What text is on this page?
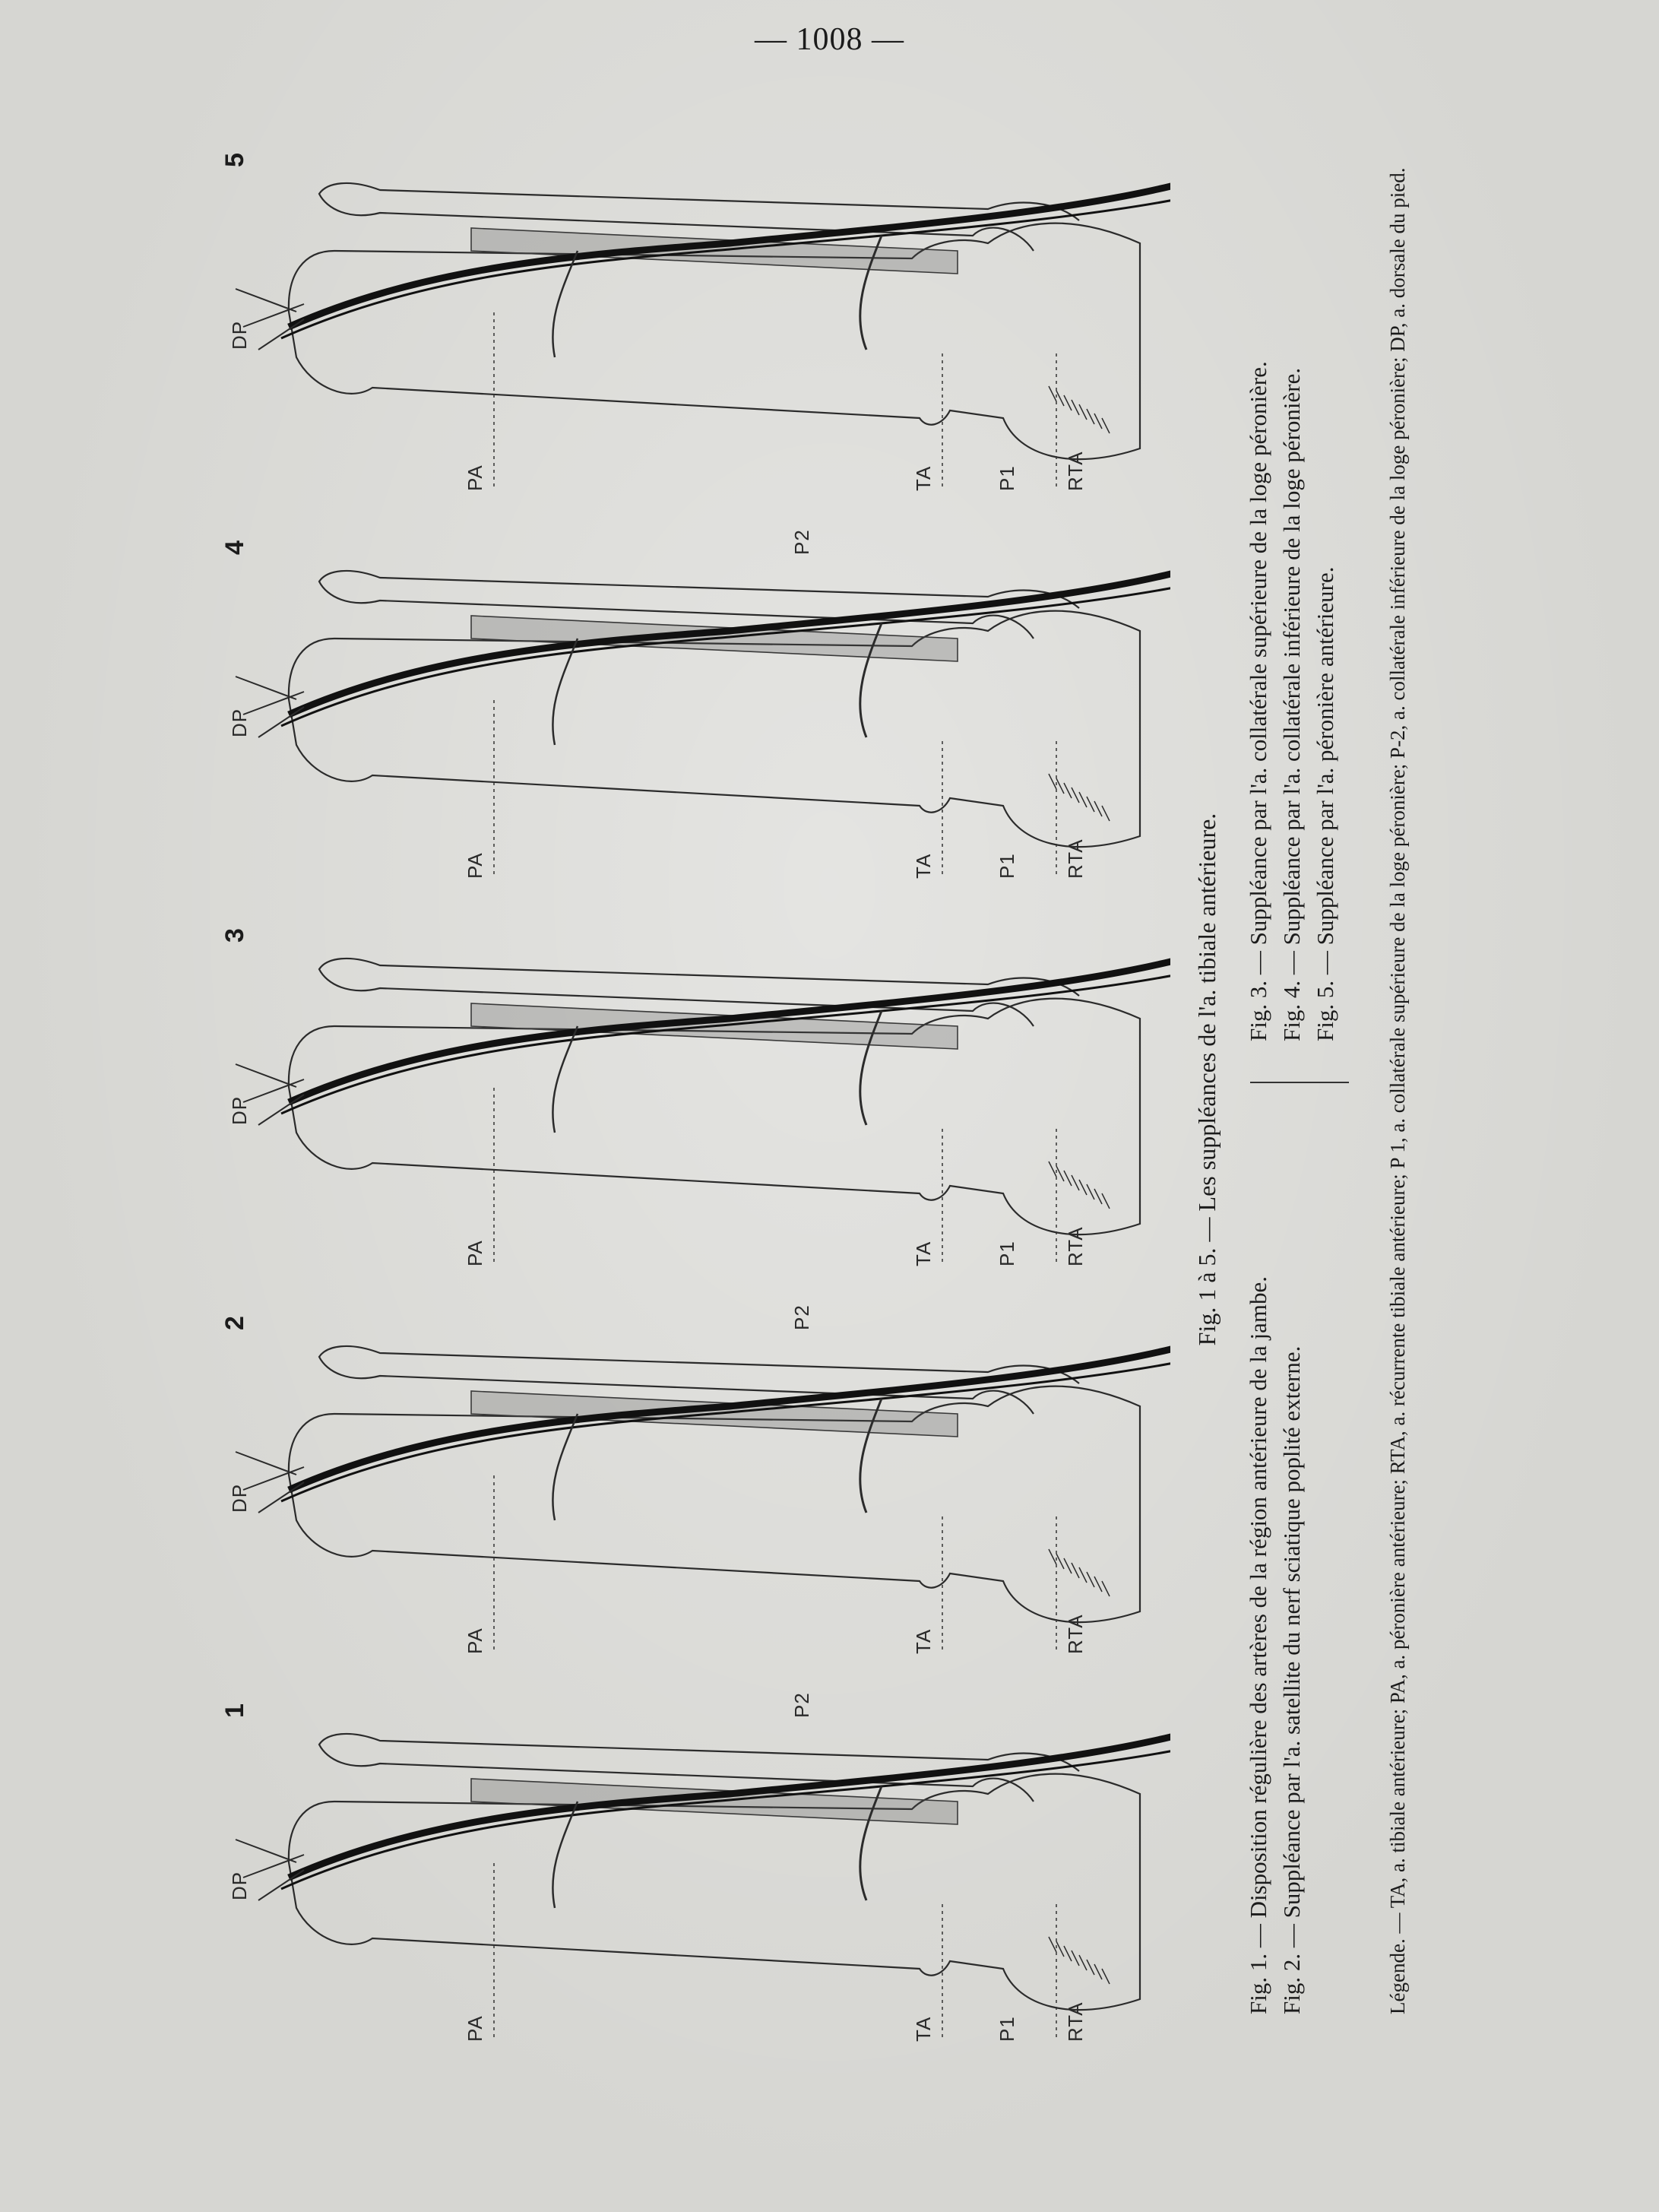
— 1008 —
RTA
P1
TA
PA
DP
P2
1
RTA
TA
PA
DP
P2
2
RTA
P1
TA
PA
DP
3
RTA
P1
TA
PA
DP
P2
4
RTA
P1
TA
PA
DP
5
Fig. 1 à 5. — Les suppléances de l'a. tibiale antérieure.

Fig. 1. — Disposition régulière des artères de la région antérieure de la jambe. Fig. 2. — Suppléance par l'a. satellite du nerf sciatique poplité externe.

Fig. 3. — Suppléance par l'a. collatérale supérieure de la loge péronière. Fig. 4. — Suppléance par l'a. collatérale inférieure de la loge péronière. Fig. 5. — Suppléance par l'a. péronière antérieure. Légende. — TA, a. tibiale antérieure; PA, a. péronière antérieure; RTA, a. récurrente tibiale antérieure; P 1, a. collatérale supérieure de la loge péronière; P-2, a. collatérale inférieure de la loge péronière; DP, a. dorsale du pied.
